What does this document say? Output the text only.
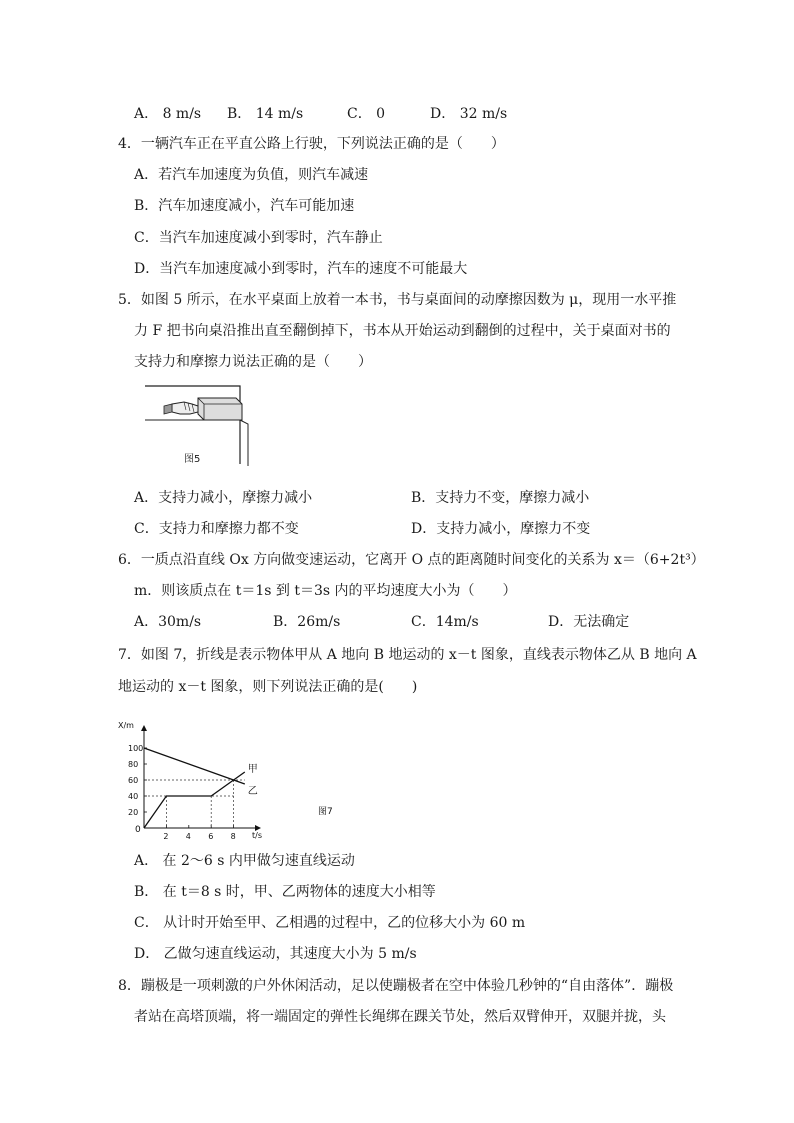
A． 8 m/s B． 14 m/s	C． 0	D． 32 m/s
4．一辆汽车正在平直公路上行驶，下列说法正确的是（　　）
A．若汽车加速度为负值，则汽车减速
B．汽车加速度减小，汽车可能加速
C．当汽车加速度减小到零时，汽车静止
D．当汽车加速度减小到零时，汽车的速度不可能最大
5．如图 5 所示，在水平桌面上放着一本书，书与桌面间的动摩擦因数为 μ，现用一水平推
力 F 把书向桌沿推出直至翻倒掉下，书本从开始运动到翻倒的过程中，关于桌面对书的
支持力和摩擦力说法正确的是（　　）
图5
A．支持力减小，摩擦力减小	B．支持力不变，摩擦力减小
C．支持力和摩擦力都不变	D．支持力减小，摩擦力不变
6．一质点沿直线 Ox 方向做变速运动，它离开 O 点的距离随时间变化的关系为 x＝（6+2t³）
m．则该质点在 t＝1s 到 t＝3s 内的平均速度大小为（　　）
A．30m/s	B．26m/s	C．14m/s	D．无法确定
7．如图 7，折线是表示物体甲从 A 地向 B 地运动的 x－t 图象，直线表示物体乙从 B 地向 A
地运动的 x－t 图象，则下列说法正确的是(　　)
X/m
t/s
0
20
40
60
80
100
2 4 6 8
甲
乙
图7
A． 在 2～6 s 内甲做匀速直线运动
B． 在 t＝8 s 时，甲、乙两物体的速度大小相等
C． 从计时开始至甲、乙相遇的过程中，乙的位移大小为 60 m
D． 乙做匀速直线运动，其速度大小为 5 m/s
8．蹦极是一项刺激的户外休闲活动，足以使蹦极者在空中体验几秒钟的“自由落体”．蹦极
者站在高塔顶端，将一端固定的弹性长绳绑在踝关节处，然后双臂伸开，双腿并拢，头
